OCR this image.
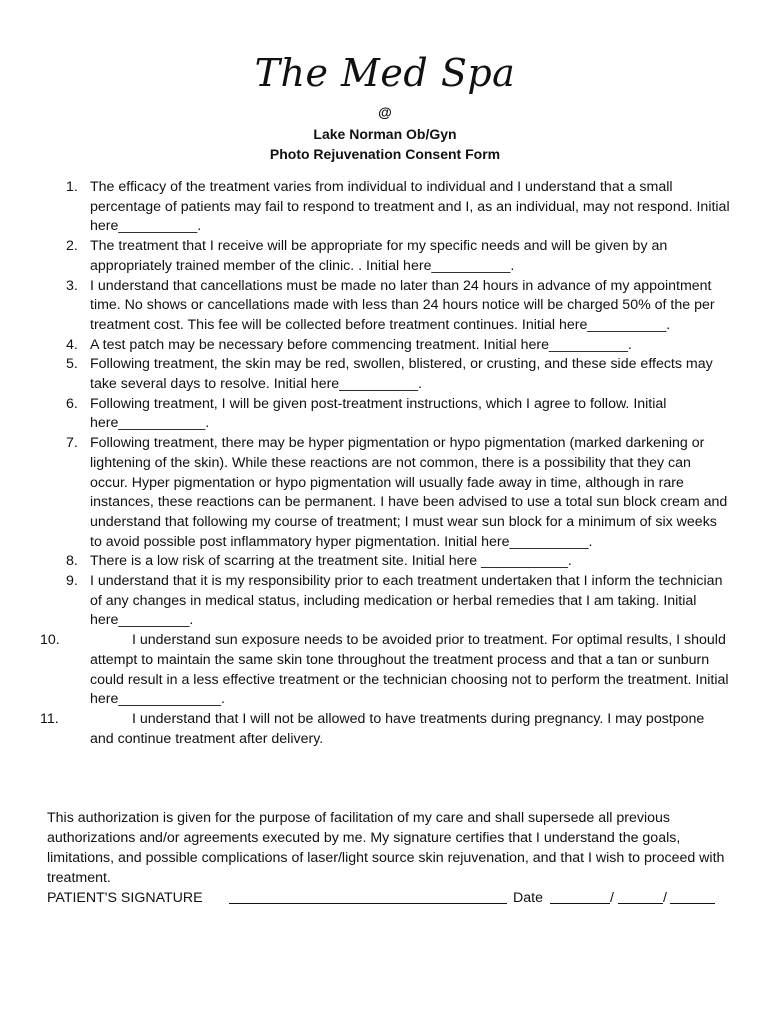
The Med Spa
@
Lake Norman Ob/Gyn
Photo Rejuvenation Consent Form
1. The efficacy of the treatment varies from individual to individual and I understand that a small percentage of patients may fail to respond to treatment and I, as an individual, may not respond. Initial here__________.
2. The treatment that I receive will be appropriate for my specific needs and will be given by an appropriately trained member of the clinic. . Initial here__________.
3. I understand that cancellations must be made no later than 24 hours in advance of my appointment time. No shows or cancellations made with less than 24 hours notice will be charged 50% of the per treatment cost. This fee will be collected before treatment continues. Initial here__________.
4. A test patch may be necessary before commencing treatment. Initial here__________.
5. Following treatment, the skin may be red, swollen, blistered, or crusting, and these side effects may take several days to resolve. Initial here__________.
6. Following treatment, I will be given post-treatment instructions, which I agree to follow. Initial here___________.
7. Following treatment, there may be hyper pigmentation or hypo pigmentation (marked darkening or lightening of the skin). While these reactions are not common, there is a possibility that they can occur. Hyper pigmentation or hypo pigmentation will usually fade away in time, although in rare instances, these reactions can be permanent. I have been advised to use a total sun block cream and understand that following my course of treatment; I must wear sun block for a minimum of six weeks to avoid possible post inflammatory hyper pigmentation. Initial here__________.
8. There is a low risk of scarring at the treatment site. Initial here ___________.
9. I understand that it is my responsibility prior to each treatment undertaken that I inform the technician of any changes in medical status, including medication or herbal remedies that I am taking. Initial here_________.
10.	I understand sun exposure needs to be avoided prior to treatment. For optimal results, I should attempt to maintain the same skin tone throughout the treatment process and that a tan or sunburn could result in a less effective treatment or the technician choosing not to perform the treatment. Initial here_____________.
11.	I understand that I will not be allowed to have treatments during pregnancy. I may postpone and continue treatment after delivery.
This authorization is given for the purpose of facilitation of my care and shall supersede all previous authorizations and/or agreements executed by me. My signature certifies that I understand the goals, limitations, and possible complications of laser/light source skin rejuvenation, and that I wish to proceed with treatment.
PATIENT'S SIGNATURE	Date	/	/
